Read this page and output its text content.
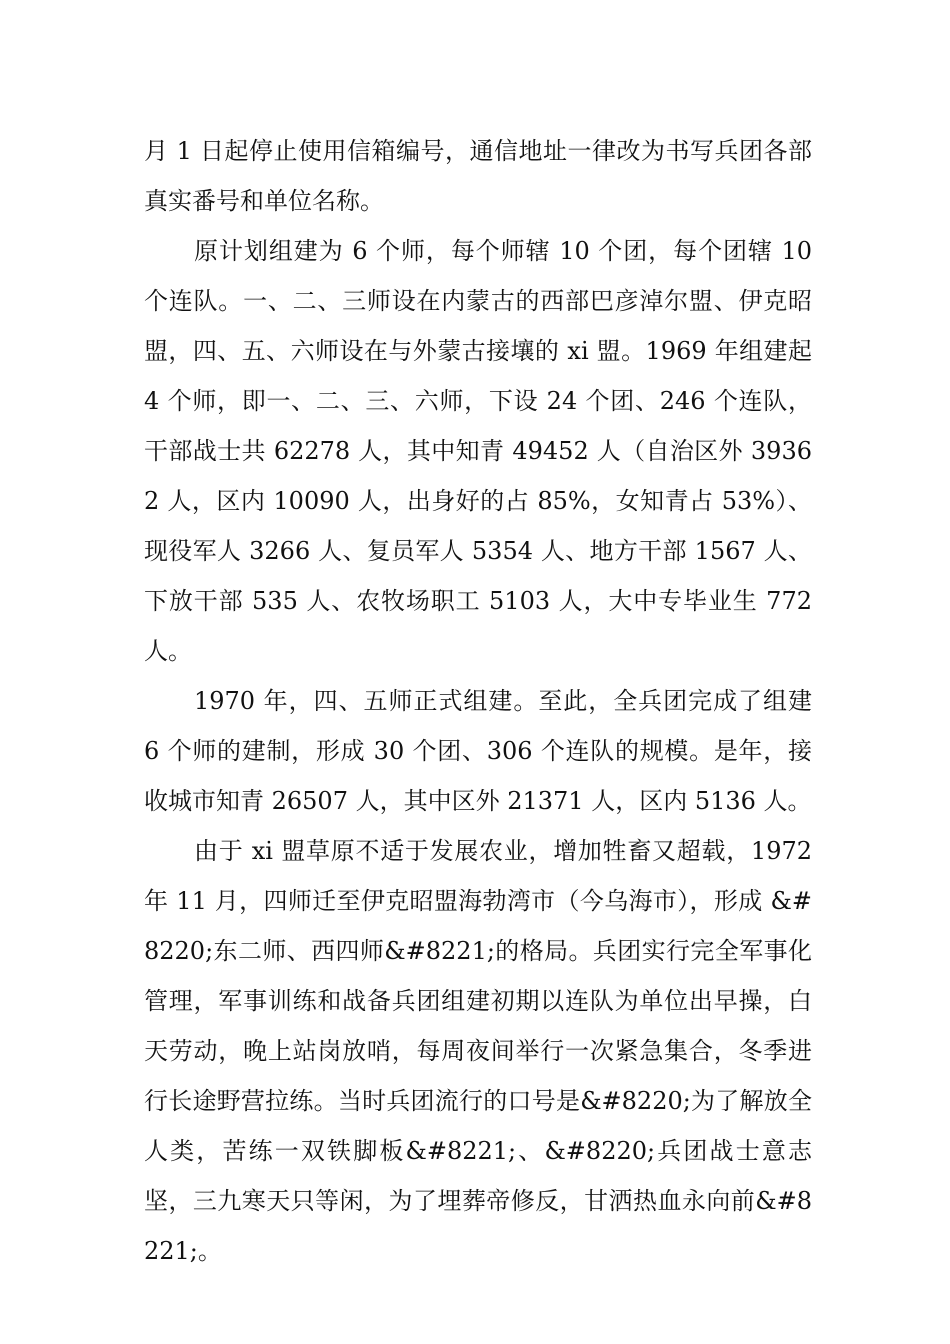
月 1 日起停止使用信箱编号，通信地址一律改为书写兵团各部真实番号和单位名称。

原计划组建为 6 个师，每个师辖 10 个团，每个团辖 10 个连队。一、二、三师设在内蒙古的西部巴彦淖尔盟、伊克昭盟，四、五、六师设在与外蒙古接壤的 xi 盟。1969 年组建起 4 个师，即一、二、三、六师，下设 24 个团、246 个连队，干部战士共 62278 人，其中知青 49452 人（自治区外 39362 人，区内 10090 人，出身好的占 85%，女知青占 53%）、现役军人 3266 人、复员军人 5354 人、地方干部 1567 人、下放干部 535 人、农牧场职工 5103 人，大中专毕业生 772 人。

1970 年，四、五师正式组建。至此，全兵团完成了组建 6 个师的建制，形成 30 个团、306 个连队的规模。是年，接收城市知青 26507 人，其中区外 21371 人，区内 5136 人。

由于 xi 盟草原不适于发展农业，增加牲畜又超载，1972 年 11 月，四师迁至伊克昭盟海勃湾市（今乌海市），形成 &#8220;东二师、西四师&#8221;的格局。兵团实行完全军事化管理，军事训练和战备兵团组建初期以连队为单位出早操，白天劳动，晚上站岗放哨，每周夜间举行一次紧急集合，冬季进行长途野营拉练。当时兵团流行的口号是&#8220;为了解放全人类，苦练一双铁脚板&#8221;、&#8220;兵团战士意志坚，三九寒天只等闲，为了埋葬帝修反，甘洒热血永向前&#8221;。
